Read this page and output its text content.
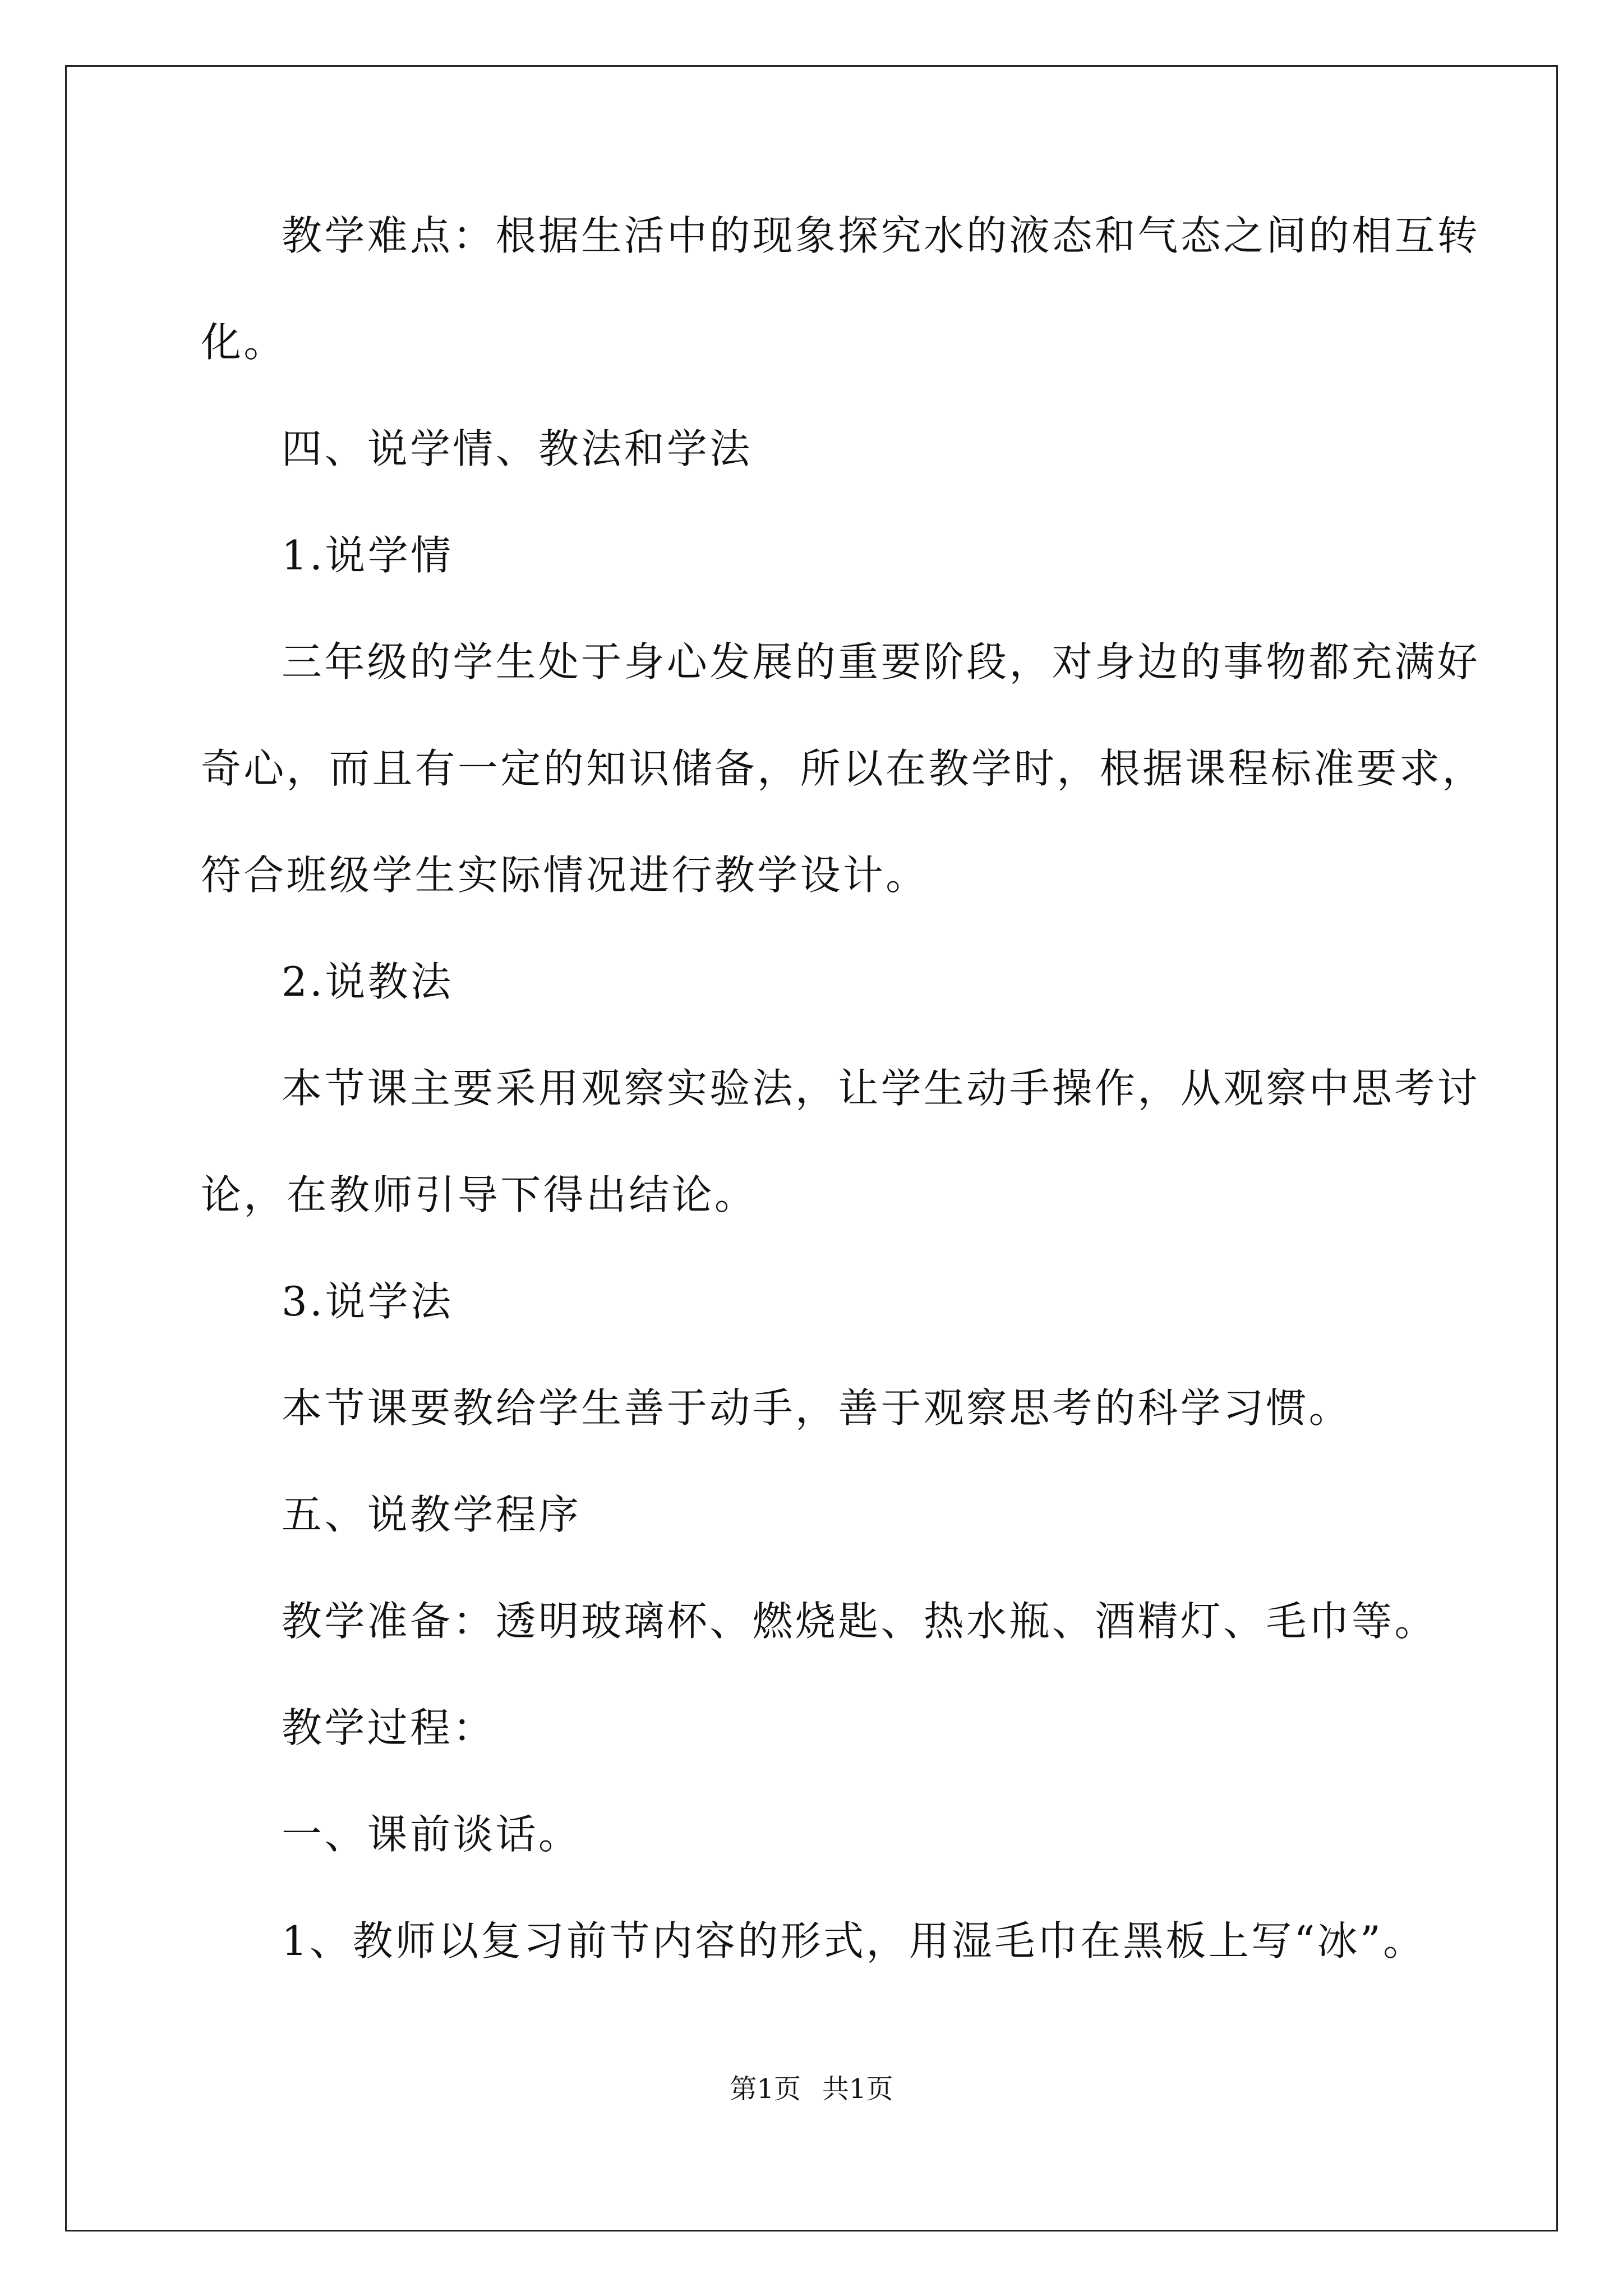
教学难点：根据生活中的现象探究水的液态和气态之间的相互转
化。
四、说学情、教法和学法
1.说学情
三年级的学生处于身心发展的重要阶段，对身边的事物都充满好
奇心，而且有一定的知识储备，所以在教学时，根据课程标准要求，
符合班级学生实际情况进行教学设计。
2.说教法
本节课主要采用观察实验法，让学生动手操作，从观察中思考讨
论，在教师引导下得出结论。
3.说学法
本节课要教给学生善于动手，善于观察思考的科学习惯。
五、说教学程序
教学准备：透明玻璃杯、燃烧匙、热水瓶、酒精灯、毛巾等。
教学过程：
一、课前谈话。
1、教师以复习前节内容的形式，用湿毛巾在黑板上写“冰”。
第1页 共1页
